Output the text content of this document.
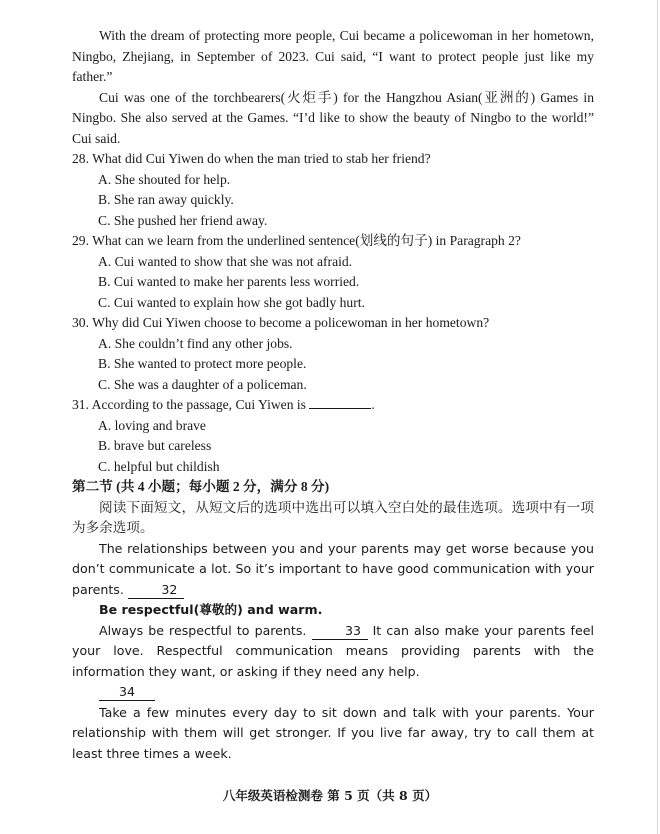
With the dream of protecting more people, Cui became a policewoman in her hometown, Ningbo, Zhejiang, in September of 2023. Cui said, “I want to protect people just like my father.”

Cui was one of the torchbearers(火炬手) for the Hangzhou Asian(亚洲的) Games in Ningbo. She also served at the Games. “I’d like to show the beauty of Ningbo to the world!” Cui said.

28. What did Cui Yiwen do when the man tried to stab her friend?

A. She shouted for help.

B. She ran away quickly.

C. She pushed her friend away.

29. What can we learn from the underlined sentence(划线的句子) in Paragraph 2?

A. Cui wanted to show that she was not afraid.

B. Cui wanted to make her parents less worried.

C. Cui wanted to explain how she got badly hurt.

30. Why did Cui Yiwen choose to become a policewoman in her hometown?

A. She couldn’t find any other jobs.

B. She wanted to protect more people.

C. She was a daughter of a policeman.

31. According to the passage, Cui Yiwen is	.

A. loving and brave

B. brave but careless

C. helpful but childish

第二节 (共 4 小题；每小题 2 分，满分 8 分)

阅读下面短文，从短文后的选项中选出可以填入空白处的最佳选项。选项中有一项为多余选项。

The relationships between you and your parents may get worse because you don’t communicate a lot. So it’s important to have good communication with your parents.	32

Be respectful(尊敬的) and warm.

Always be respectful to parents.	33 It can also make your parents feel your love. Respectful communication means providing parents with the information they want, or asking if they need any help.

34

Take a few minutes every day to sit down and talk with your parents. Your relationship with them will get stronger. If you live far away, try to call them at least three times a week.

八年级英语检测卷 第 5 页（共 8 页）
